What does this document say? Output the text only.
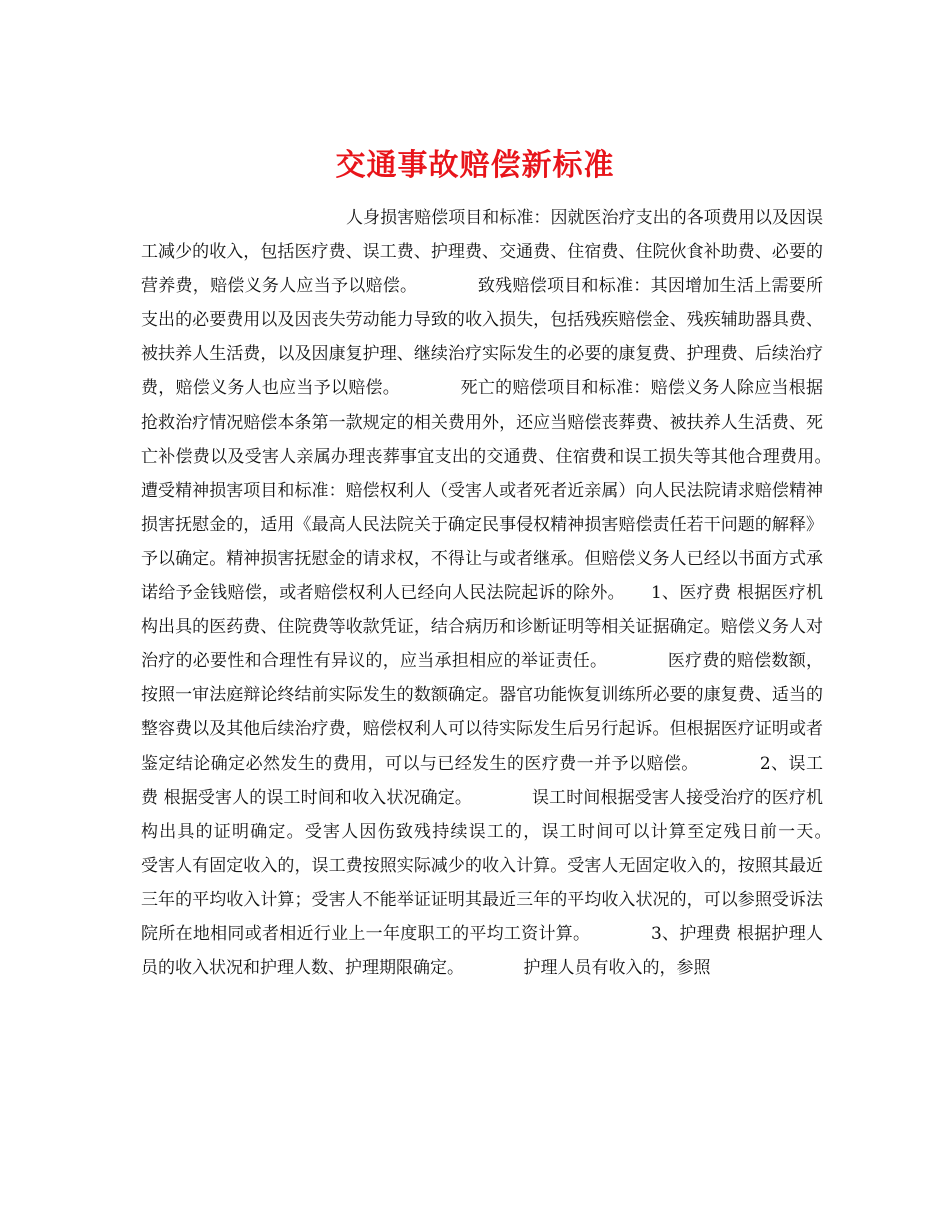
交通事故赔偿新标准

人身损害赔偿项目和标准：因就医治疗支出的各项费用以及因误工减少的收入，包括医疗费、误工费、护理费、交通费、住宿费、住院伙食补助费、必要的营养费，赔偿义务人应当予以赔偿。　　　　致残赔偿项目和标准：其因增加生活上需要所支出的必要费用以及因丧失劳动能力导致的收入损失，包括残疾赔偿金、残疾辅助器具费、被扶养人生活费，以及因康复护理、继续治疗实际发生的必要的康复费、护理费、后续治疗费，赔偿义务人也应当予以赔偿。　　　　死亡的赔偿项目和标准：赔偿义务人除应当根据抢救治疗情况赔偿本条第一款规定的相关费用外，还应当赔偿丧葬费、被扶养人生活费、死亡补偿费以及受害人亲属办理丧葬事宜支出的交通费、住宿费和误工损失等其他合理费用。　　　　遭受精神损害项目和标准：赔偿权利人（受害人或者死者近亲属）向人民法院请求赔偿精神损害抚慰金的，适用《最高人民法院关于确定民事侵权精神损害赔偿责任若干问题的解释》予以确定。精神损害抚慰金的请求权，不得让与或者继承。但赔偿义务人已经以书面方式承诺给予金钱赔偿，或者赔偿权利人已经向人民法院起诉的除外。　　1、医疗费 根据医疗机构出具的医药费、住院费等收款凭证，结合病历和诊断证明等相关证据确定。赔偿义务人对治疗的必要性和合理性有异议的，应当承担相应的举证责任。　　　　医疗费的赔偿数额，按照一审法庭辩论终结前实际发生的数额确定。器官功能恢复训练所必要的康复费、适当的整容费以及其他后续治疗费，赔偿权利人可以待实际发生后另行起诉。但根据医疗证明或者鉴定结论确定必然发生的费用，可以与已经发生的医疗费一并予以赔偿。　　　　2、误工费 根据受害人的误工时间和收入状况确定。　　　　误工时间根据受害人接受治疗的医疗机构出具的证明确定。受害人因伤致残持续误工的，误工时间可以计算至定残日前一天。　　　　受害人有固定收入的，误工费按照实际减少的收入计算。受害人无固定收入的，按照其最近三年的平均收入计算；受害人不能举证证明其最近三年的平均收入状况的，可以参照受诉法院所在地相同或者相近行业上一年度职工的平均工资计算。　　　　3、护理费 根据护理人员的收入状况和护理人数、护理期限确定。　　　　护理人员有收入的，参照
